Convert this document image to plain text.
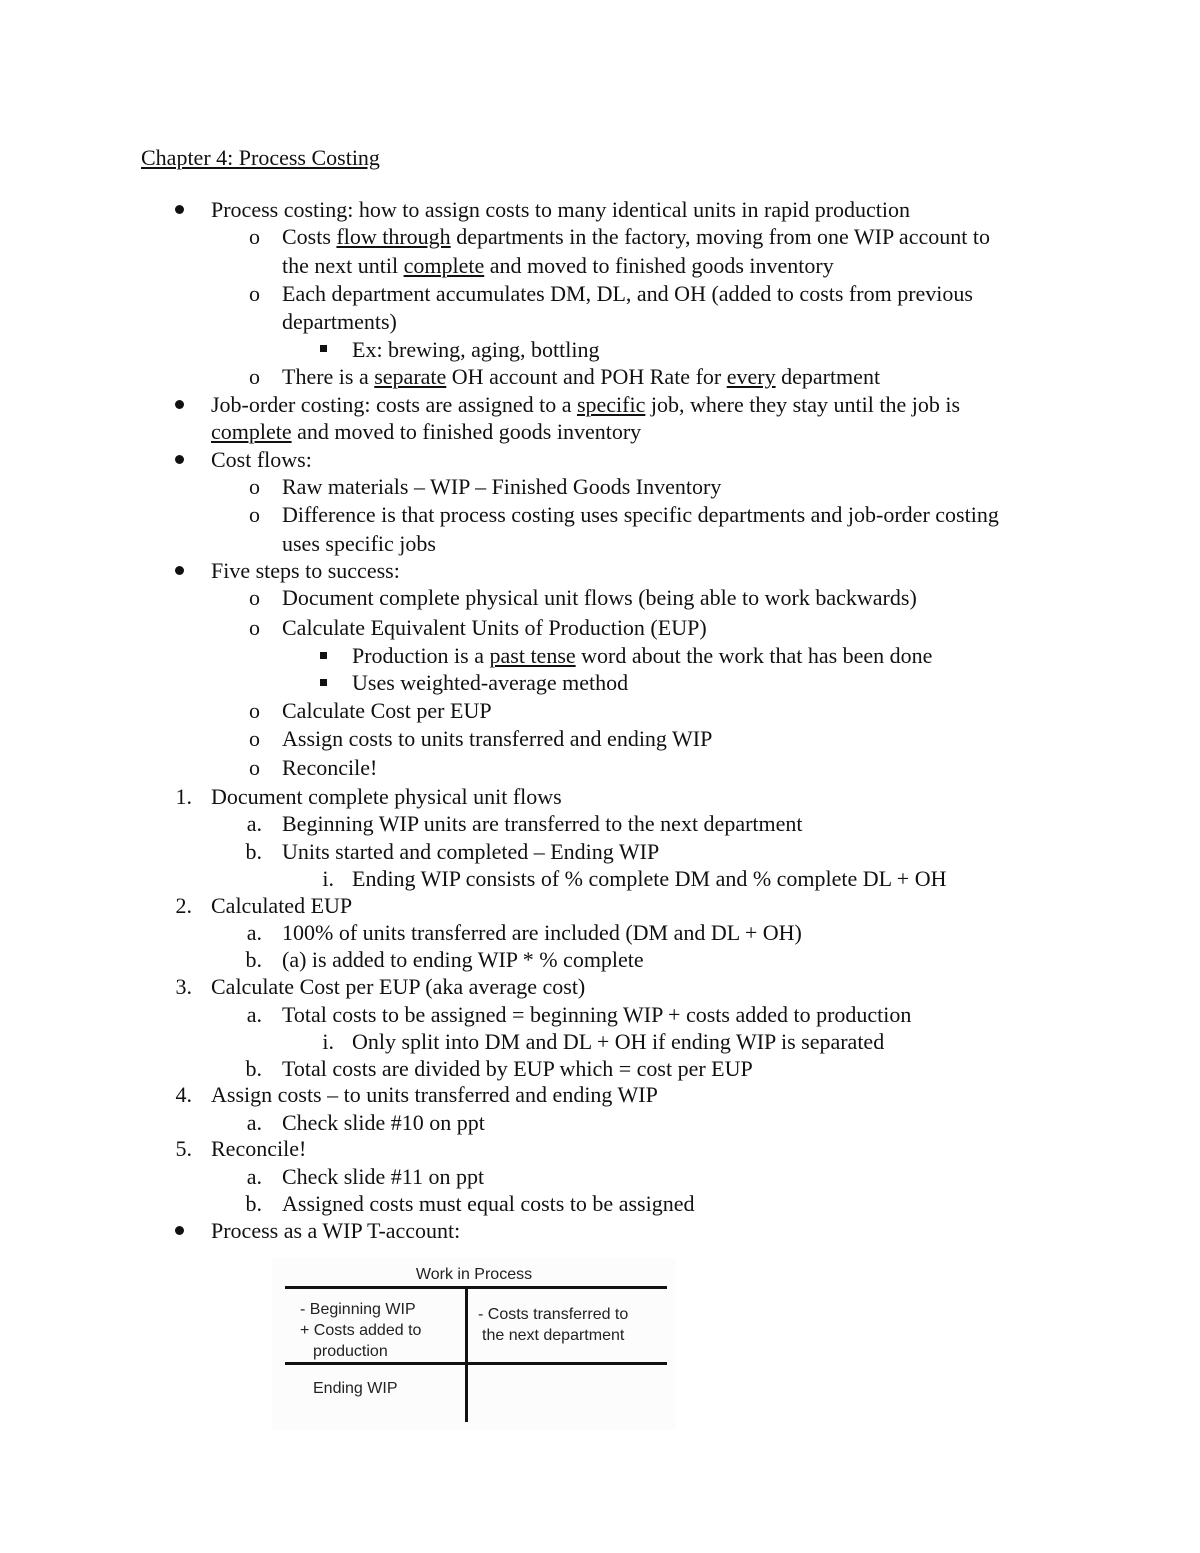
Chapter 4: Process Costing
Process costing: how to assign costs to many identical units in rapid production
o Costs flow through departments in the factory, moving from one WIP account to
the next until complete and moved to finished goods inventory
o Each department accumulates DM, DL, and OH (added to costs from previous
departments)
Ex: brewing, aging, bottling
o There is a separate OH account and POH Rate for every department
Job-order costing: costs are assigned to a specific job, where they stay until the job is
complete and moved to finished goods inventory
Cost flows:
o Raw materials – WIP – Finished Goods Inventory
o Difference is that process costing uses specific departments and job-order costing
uses specific jobs
Five steps to success:
o Document complete physical unit flows (being able to work backwards)
o Calculate Equivalent Units of Production (EUP)
Production is a past tense word about the work that has been done
Uses weighted-average method
o Calculate Cost per EUP
o Assign costs to units transferred and ending WIP
o Reconcile!
1. Document complete physical unit flows
a. Beginning WIP units are transferred to the next department
b. Units started and completed – Ending WIP
i. Ending WIP consists of % complete DM and % complete DL + OH
2. Calculated EUP
a. 100% of units transferred are included (DM and DL + OH)
b. (a) is added to ending WIP * % complete
3. Calculate Cost per EUP (aka average cost)
a. Total costs to be assigned = beginning WIP + costs added to production
i. Only split into DM and DL + OH if ending WIP is separated
b. Total costs are divided by EUP which = cost per EUP
4. Assign costs – to units transferred and ending WIP
a. Check slide #10 on ppt
5. Reconcile!
a. Check slide #11 on ppt
b. Assigned costs must equal costs to be assigned
Process as a WIP T-account:
Work in Process
- Beginning WIP
+ Costs added to
production
- Costs transferred to
the next department
Ending WIP
